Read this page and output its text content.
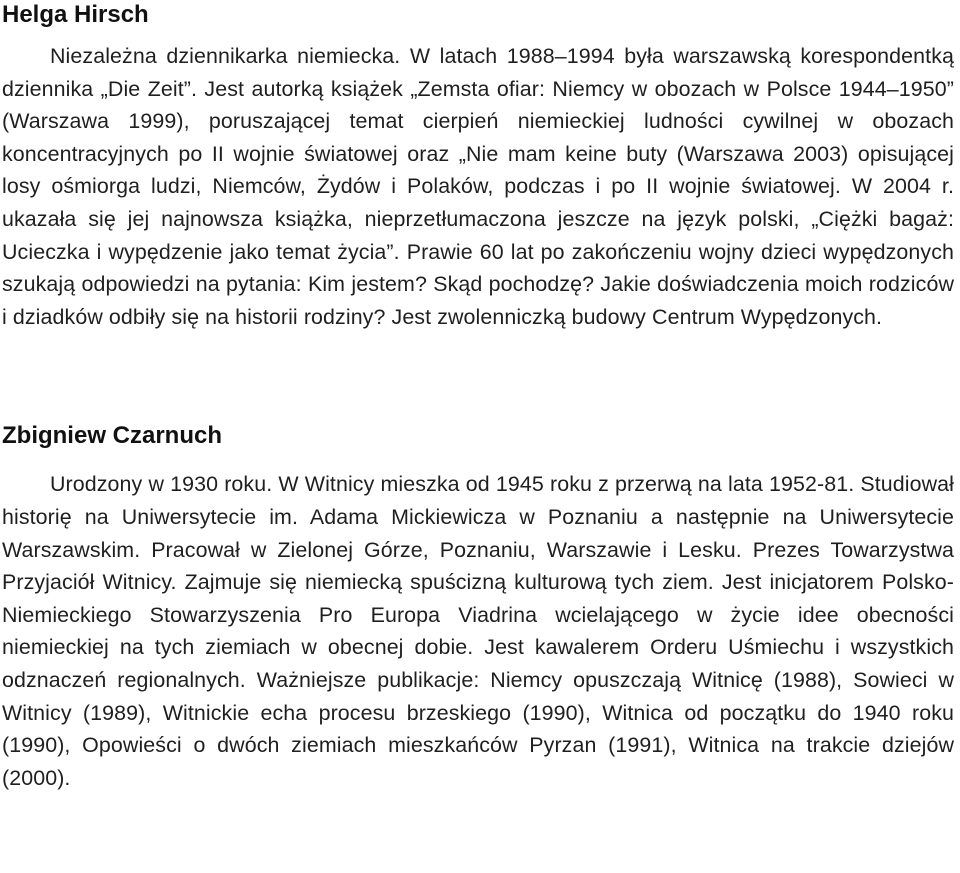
Helga Hirsch

Niezależna dziennikarka niemiecka. W latach 1988–1994 była warszawską korespondentką dziennika „Die Zeit”. Jest autorką książek „Zemsta ofiar: Niemcy w obozach w Polsce 1944–1950” (Warszawa 1999), poruszającej temat cierpień niemieckiej ludności cywilnej w obozach koncentracyjnych po II wojnie światowej oraz „Nie mam keine buty (Warszawa 2003) opisującej losy ośmiorga ludzi, Niemców, Żydów i Polaków, podczas i po II wojnie światowej. W 2004 r. ukazała się jej najnowsza książka, nieprzetłumaczona jeszcze na język polski, „Ciężki bagaż: Ucieczka i wypędzenie jako temat życia”. Prawie 60 lat po zakończeniu wojny dzieci wypędzonych szukają odpowiedzi na pytania: Kim jestem? Skąd pochodzę? Jakie doświadczenia moich rodziców i dziadków odbiły się na historii rodziny? Jest zwolenniczką budowy Centrum Wypędzonych.

Zbigniew Czarnuch

Urodzony w 1930 roku. W Witnicy mieszka od 1945 roku z przerwą na lata 1952-81. Studiował historię na Uniwersytecie im. Adama Mickiewicza w Poznaniu a następnie na Uniwersytecie Warszawskim. Pracował w Zielonej Górze, Poznaniu, Warszawie i Lesku. Prezes Towarzystwa Przyjaciół Witnicy. Zajmuje się niemiecką spuścizną kulturową tych ziem. Jest inicjatorem Polsko-Niemieckiego Stowarzyszenia Pro Europa Viadrina wcielającego w życie idee obecności niemieckiej na tych ziemiach w obecnej dobie. Jest kawalerem Orderu Uśmiechu i wszystkich odznaczeń regionalnych. Ważniejsze publikacje: Niemcy opuszczają Witnicę (1988), Sowieci w Witnicy (1989), Witnickie echa procesu brzeskiego (1990), Witnica od początku do 1940 roku (1990), Opowieści o dwóch ziemiach mieszkańców Pyrzan (1991), Witnica na trakcie dziejów (2000).
